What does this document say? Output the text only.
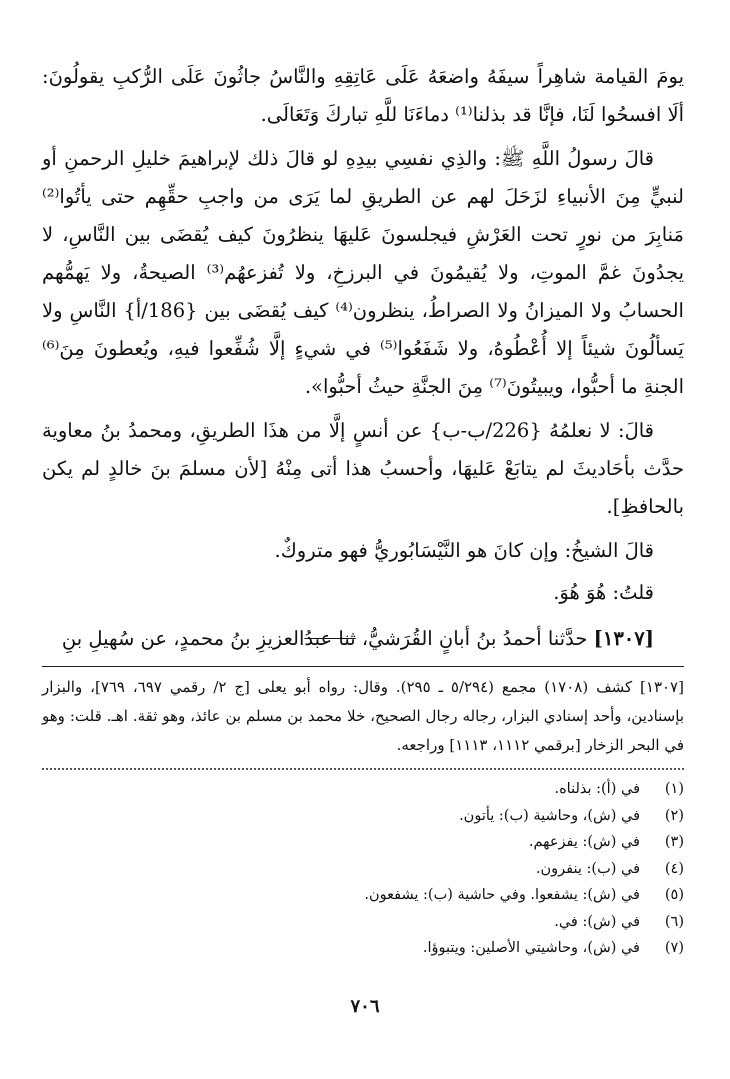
يومَ القيامة شاهِراً سيفَهُ واضعَهُ عَلَى عَاتِقِهِ والنَّاسُ جاثُونَ عَلَى الرُّكبِ يقولُونَ: ألَا افسحُوا لَنَا، فإنَّا قد بذلنا⁽¹⁾ دماءَنَا للَّهِ تباركَ وَتَعَالَى.

قالَ رسولُ اللَّهِ ﷺ: والذِي نفسِي بيدِهِ لو قالَ ذلك لإبراهيمَ خليلِ الرحمنِ أو لنبيٍّ مِنَ الأنبياءِ لزَحَلَ لهم عن الطريقِ لما يَرَى من واجبِ حقِّهِم حتى يأتُوا⁽²⁾ مَنابِرَ من نورٍ تحت العَرْشِ فيجلسونَ عَليهَا ينظرُونَ كيف يُقضَى بين النَّاسِ، لا يجدُونَ غمَّ الموتِ، ولا يُقيمُونَ في البرزخِ، ولا تُفزعهُم⁽³⁾ الصيحةُ، ولا يَهمُّهم الحسابُ ولا الميزانُ ولا الصراطُ، ينظرون⁽⁴⁾ كيف يُقضَى بين {186/أ} النَّاسِ ولا يَسألُونَ شيئاً إلا أُعْطُوهُ، ولا شَفَعُوا⁽⁵⁾ في شيءٍ إلَّا شُفِّعوا فيهِ، ويُعطونَ مِنَ⁽⁶⁾ الجنةِ ما أحبُّوا، ويبيتُونَ⁽⁷⁾ مِنَ الجنَّةِ حيثُ أحبُّوا».

قالَ: لا نعلمُهُ {226/ب-ب} عن أنسٍ إلَّا من هذَا الطريقِ، ومحمدُ بنُ معاوية حدَّث بأحَاديثَ لم يتابَعْ عَليهَا، وأحسبُ هذا أتى مِنْهُ [لأن مسلمَ بنَ خالدٍ لم يكن بالحافظِ].

قالَ الشيخُ: وإن كانَ هو النَّيْسَابُوريُّ فهو متروكٌ.

قلتُ: هُوَ هُوَ.

[١٣٠٧] حدَّثنا أحمدُ بنُ أبانٍ القُرَشيُّ، ثنا عبدُالعزيزِ بنُ محمدٍ، عن سُهيلِ بنِ

[١٣٠٧] كشف (١٧٠٨) مجمع (٥/٢٩٤ ـ ٢٩٥). وقال: رواه أبو يعلى [ج ٢/ رقمي ٦٩٧، ٧٦٩]، والبزار بإسنادين، وأحد إسنادي البزار، رجاله رجال الصحيح، خلا محمد بن مسلم بن عائذ، وهو ثقة. اهـ. قلت: وهو في البحر الزخار [برقمي ١١١٢، ١١١٣] وراجعه.

(١)
في (أ): بذلناه.
(٢)
في (ش)، وحاشية (ب): يأتون.
(٣)
في (ش): يفزعهم.
(٤)
في (ب): ينفرون.
(٥)
في (ش): يشفعوا. وفي حاشية (ب): يشفعون.
(٦)
في (ش): في.
(٧)
في (ش)، وحاشيتي الأصلين: ويتبوؤا.
٧٠٦
